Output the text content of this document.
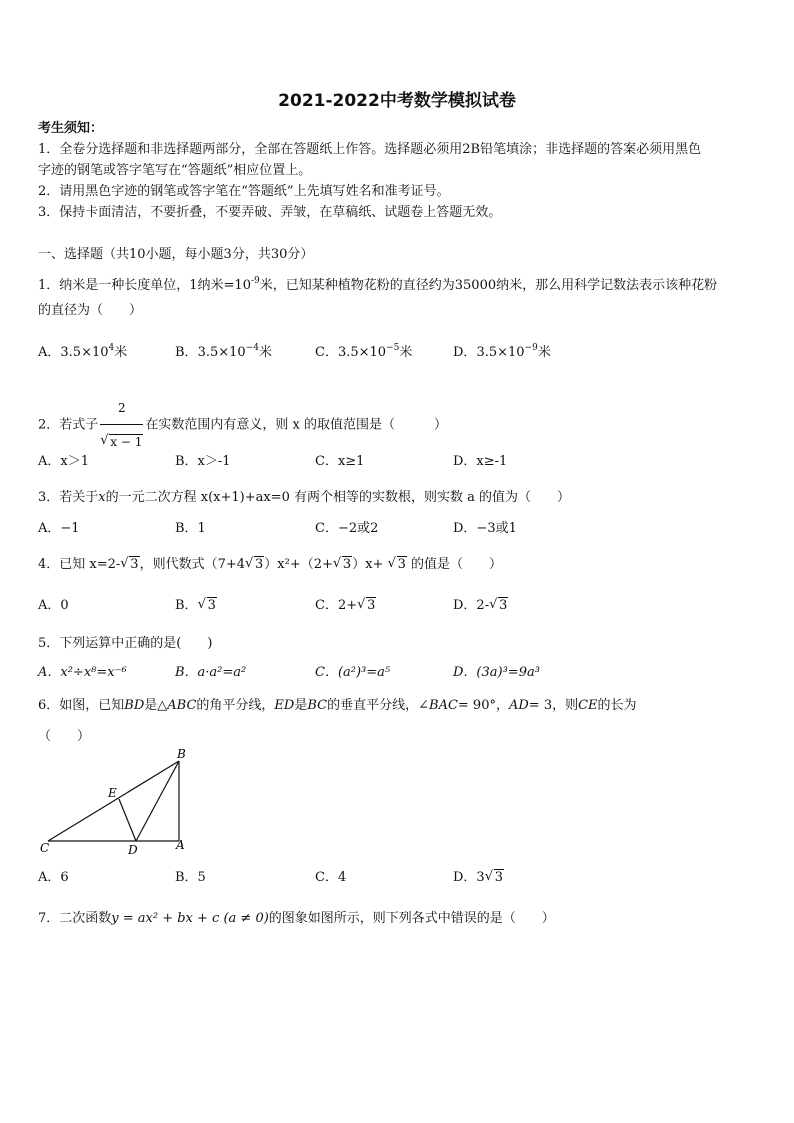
2021-2022中考数学模拟试卷
考生须知：
1．全卷分选择题和非选择题两部分，全部在答题纸上作答。选择题必须用2B铅笔填涂；非选择题的答案必须用黑色
字迹的钢笔或答字笔写在“答题纸”相应位置上。
2．请用黑色字迹的钢笔或答字笔在“答题纸”上先填写姓名和准考证号。
3．保持卡面清洁，不要折叠，不要弄破、弄皱，在草稿纸、试题卷上答题无效。
一、选择题（共10小题，每小题3分，共30分）
1．纳米是一种长度单位，1纳米$=10^{-9}$米，已知某种植物花粉的直径约为35000纳米，那么用科学记数法表示该种花粉
的直径为（　　）
A．$3.5\times 10^4$米	B．$3.5\times 10^{-4}$米	C．$3.5\times 10^{-5}$米	D．$3.5\times 10^{-9}$米
2．若式子 $\frac{2}{√ x - 1}$ 在实数范围内有意义，则 x 的取值范围是（　　　）
A．x＞1	B．x＞-1	C．x≥1	D．x≥-1
3．若关于x的一元二次方程 x(x+1)+ax=0 有两个相等的实数根，则实数 a 的值为（　　）
A．−1	B．1	C．−2或2	D．−3或1
4．已知 x=2- √ 3，则代数式（7+4 √ 3）x²+（2+ √ 3）x+ √ 3 的值是（　　）
A．0	B． √ 3	C．2+ √ 3	D．2- √ 3
5．下列运算中正确的是(　　)
A．x²÷x⁸=x⁻⁶	B．a·a²=a²	C．(a²)³=a⁵	D．(3a)³=9a³
6．如图，已知BD是△ABC的角平分线，ED是BC的垂直平分线，∠BAC= 90°，AD= 3，则CE的长为
（　　）
B
E
C	D	A
A．6	B．5	C．4	D．3 √ 3
7．二次函数y = ax² + bx + c (a ≠ 0)的图象如图所示，则下列各式中错误的是（　　）
